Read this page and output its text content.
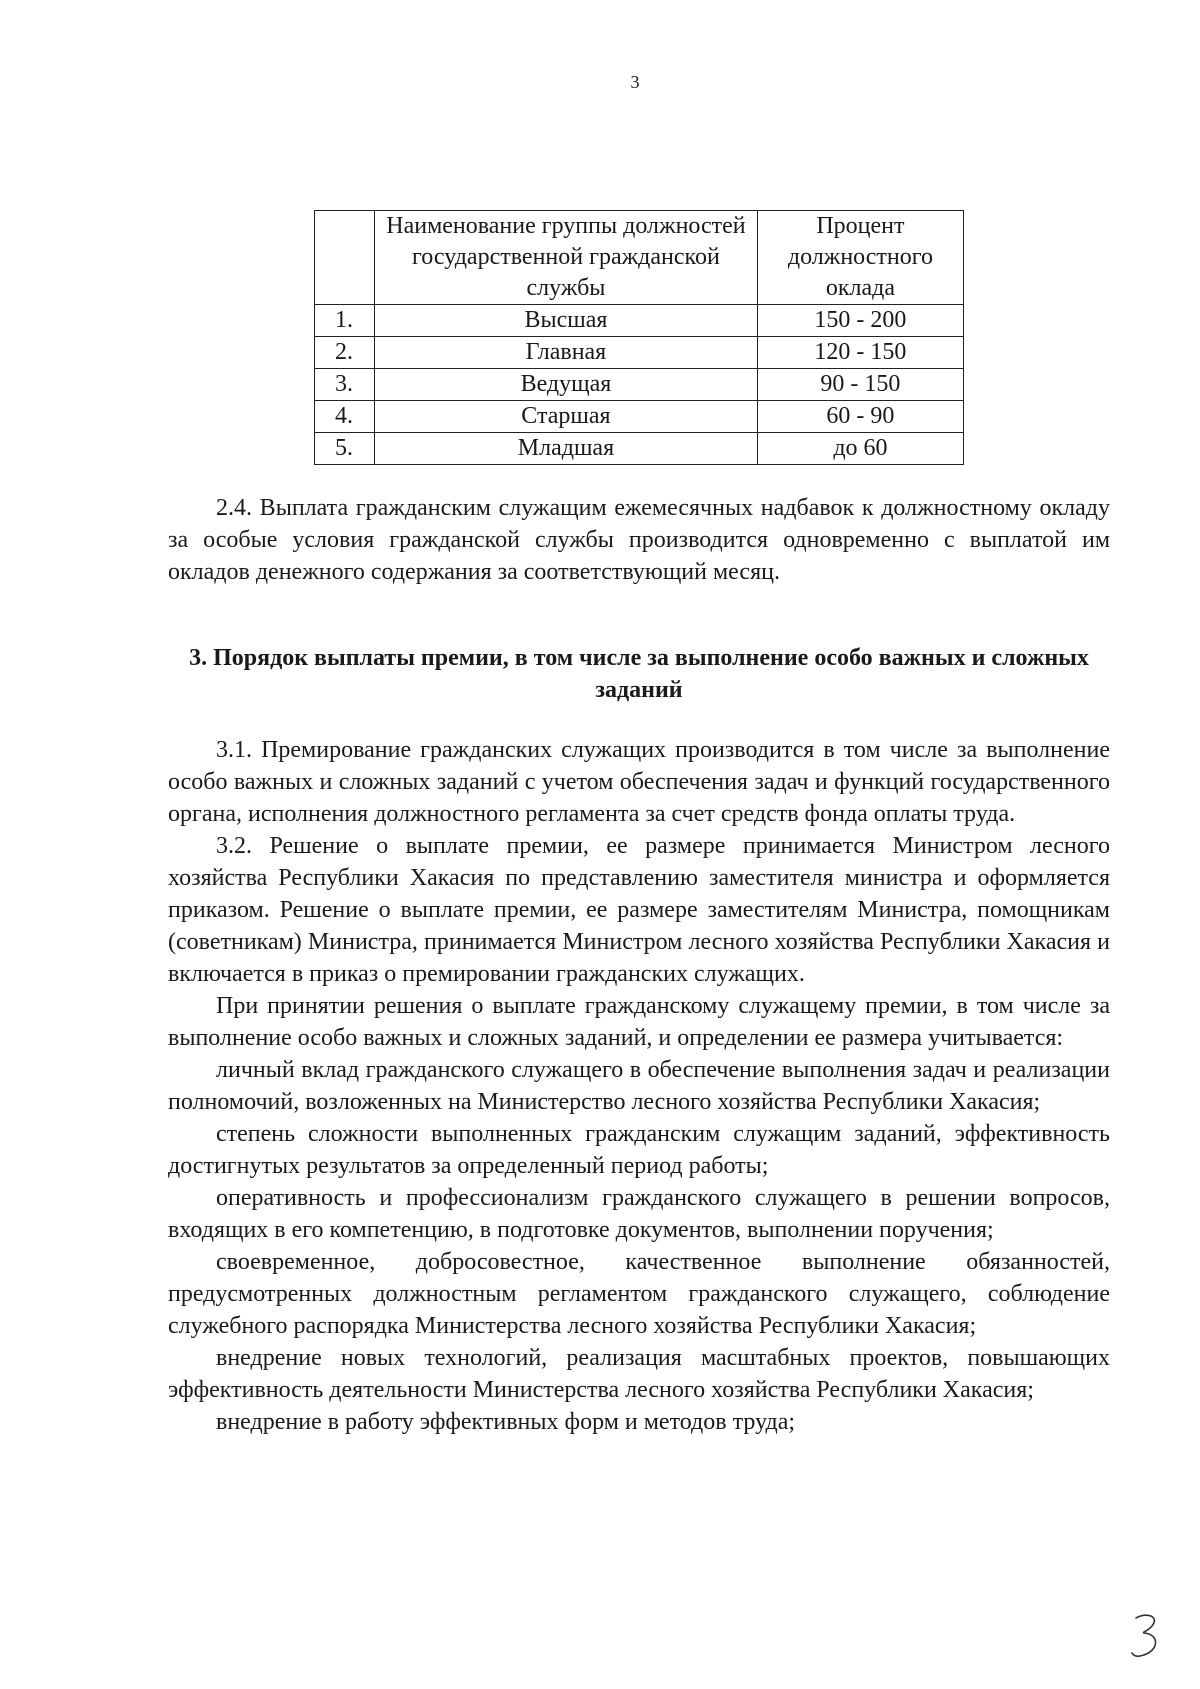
3
	Наименование группы должностей государственной гражданской службы	Процент должностного оклада
1.	Высшая	150 - 200
2.	Главная	120 - 150
3.	Ведущая	90 - 150
4.	Старшая	60 - 90
5.	Младшая	до 60

2.4. Выплата гражданским служащим ежемесячных надбавок к должностному окладу за особые условия гражданской службы производится одновременно с выплатой им окладов денежного содержания за соответствующий месяц.

3. Порядок выплаты премии, в том числе за выполнение особо важных и сложных заданий

3.1. Премирование гражданских служащих производится в том числе за выполнение особо важных и сложных заданий с учетом обеспечения задач и функций государственного органа, исполнения должностного регламента за счет средств фонда оплаты труда.

3.2. Решение о выплате премии, ее размере принимается Министром лесного хозяйства Республики Хакасия по представлению заместителя министра и оформляется приказом. Решение о выплате премии, ее размере заместителям Министра, помощникам (советникам) Министра, принимается Министром лесного хозяйства Республики Хакасия и включается в приказ о премировании гражданских служащих.

При принятии решения о выплате гражданскому служащему премии, в том числе за выполнение особо важных и сложных заданий, и определении ее размера учитывается:

личный вклад гражданского служащего в обеспечение выполнения задач и реализации полномочий, возложенных на Министерство лесного хозяйства Республики Хакасия;

степень сложности выполненных гражданским служащим заданий, эффективность достигнутых результатов за определенный период работы;

оперативность и профессионализм гражданского служащего в решении вопросов, входящих в его компетенцию, в подготовке документов, выполнении поручения;

своевременное, добросовестное, качественное выполнение обязанностей, предусмотренных должностным регламентом гражданского служащего, соблюдение служебного распорядка Министерства лесного хозяйства Республики Хакасия;

внедрение новых технологий, реализация масштабных проектов, повышающих эффективность деятельности Министерства лесного хозяйства Республики Хакасия;

внедрение в работу эффективных форм и методов труда;
